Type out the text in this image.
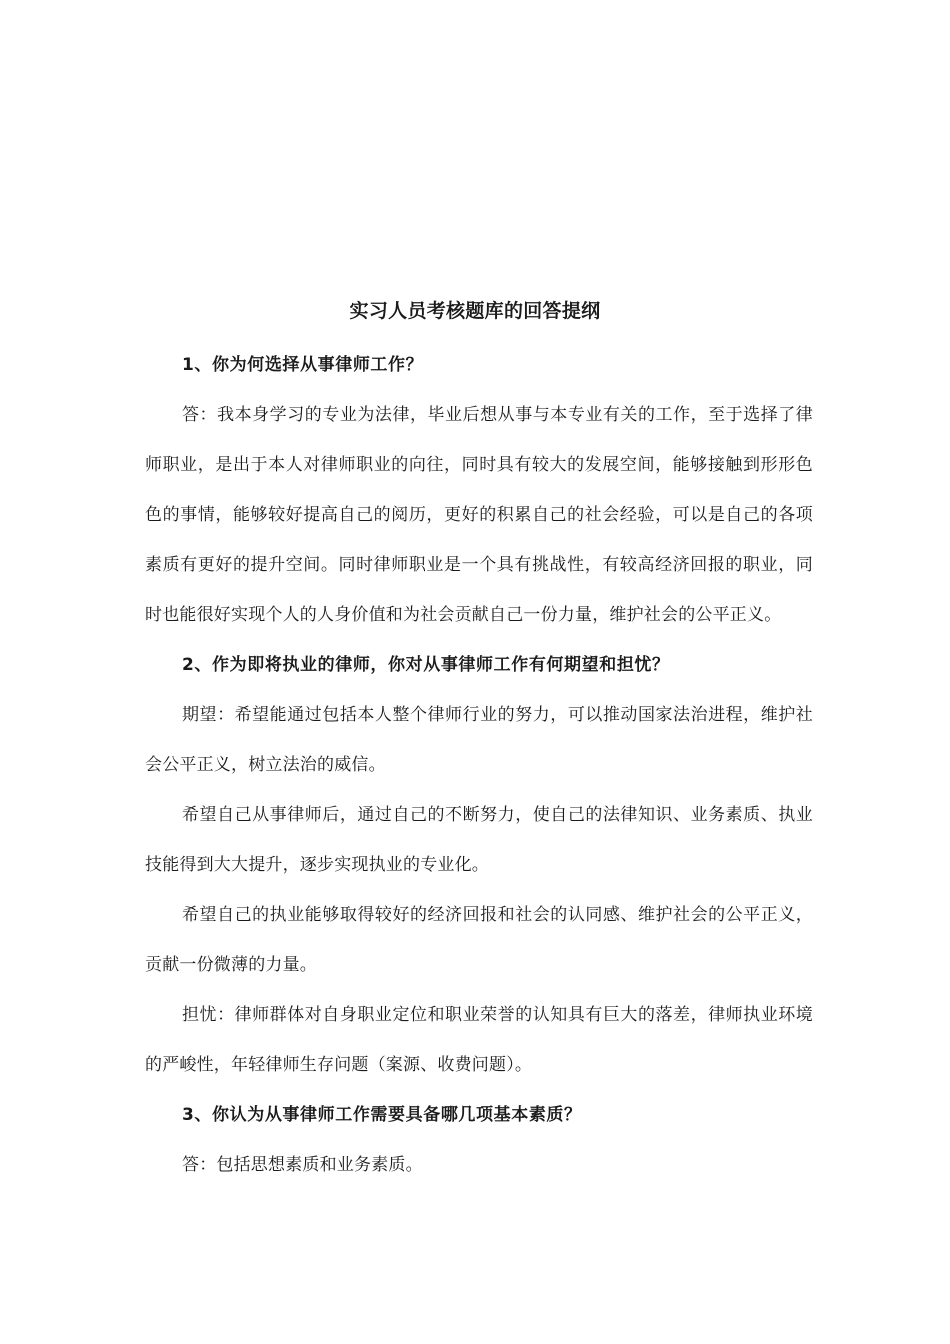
实习人员考核题库的回答提纲

1、你为何选择从事律师工作？

答：我本身学习的专业为法律，毕业后想从事与本专业有关的工作，至于选择了律师职业，是出于本人对律师职业的向往，同时具有较大的发展空间，能够接触到形形色色的事情，能够较好提高自己的阅历，更好的积累自己的社会经验，可以是自己的各项素质有更好的提升空间。同时律师职业是一个具有挑战性，有较高经济回报的职业，同时也能很好实现个人的人身价值和为社会贡献自己一份力量，维护社会的公平正义。

2、作为即将执业的律师，你对从事律师工作有何期望和担忧？

期望：希望能通过包括本人整个律师行业的努力，可以推动国家法治进程，维护社会公平正义，树立法治的威信。

希望自己从事律师后，通过自己的不断努力，使自己的法律知识、业务素质、执业技能得到大大提升，逐步实现执业的专业化。

希望自己的执业能够取得较好的经济回报和社会的认同感、维护社会的公平正义，贡献一份微薄的力量。

担忧：律师群体对自身职业定位和职业荣誉的认知具有巨大的落差，律师执业环境的严峻性，年轻律师生存问题（案源、收费问题）。

3、你认为从事律师工作需要具备哪几项基本素质？

答：包括思想素质和业务素质。
